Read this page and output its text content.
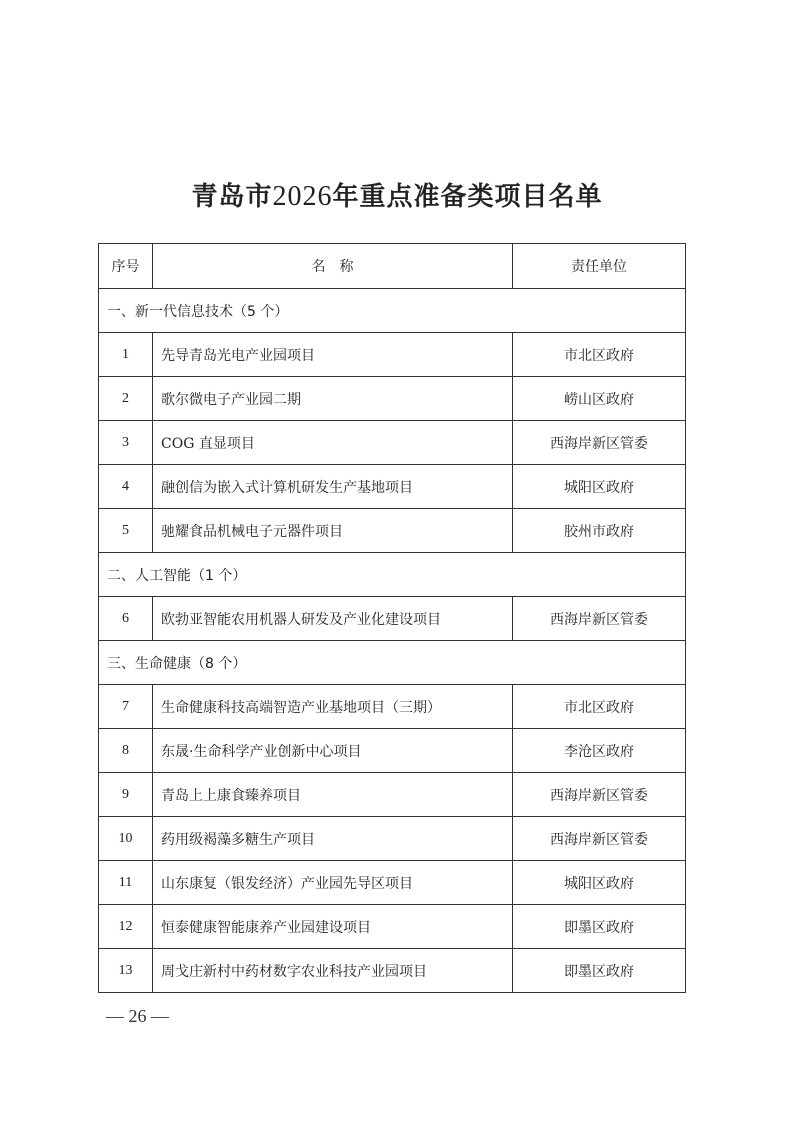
青岛市2026年重点准备类项目名单
序号	名　称	责任单位
一、新一代信息技术（5 个）		
1	先导青岛光电产业园项目	市北区政府
2	歌尔微电子产业园二期	崂山区政府
3	COG 直显项目	西海岸新区管委
4	融创信为嵌入式计算机研发生产基地项目	城阳区政府
5	驰耀食品机械电子元器件项目	胶州市政府
二、人工智能（1 个）		
6	欧勃亚智能农用机器人研发及产业化建设项目	西海岸新区管委
三、生命健康（8 个）		
7	生命健康科技高端智造产业基地项目（三期）	市北区政府
8	东晟·生命科学产业创新中心项目	李沧区政府
9	青岛上上康食臻养项目	西海岸新区管委
10	药用级褐藻多糖生产项目	西海岸新区管委
11	山东康复（银发经济）产业园先导区项目	城阳区政府
12	恒泰健康智能康养产业园建设项目	即墨区政府
13	周戈庄新村中药材数字农业科技产业园项目	即墨区政府
— 26 —
